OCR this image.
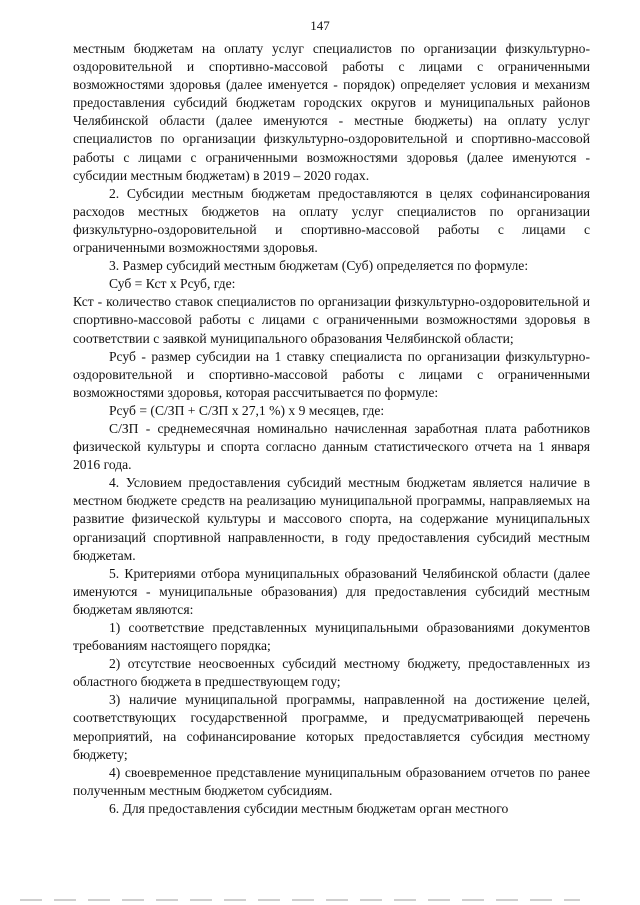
147

местным бюджетам на оплату услуг специалистов по организации физкультурно-оздоровительной и спортивно-массовой работы с лицами с ограниченными возможностями здоровья (далее именуется - порядок) определяет условия и механизм предоставления субсидий бюджетам городских округов и муниципальных районов Челябинской области (далее именуются - местные бюджеты) на оплату услуг специалистов по организации физкультурно-оздоровительной и спортивно-массовой работы с лицами с ограниченными возможностями здоровья (далее именуются - субсидии местным бюджетам) в 2019 – 2020 годах.

2. Субсидии местным бюджетам предоставляются в целях софинансирования расходов местных бюджетов на оплату услуг специалистов по организации физкультурно-оздоровительной и спортивно-массовой работы с лицами с ограниченными возможностями здоровья.

3. Размер субсидий местным бюджетам (Суб) определяется по формуле:

Суб = Кст х Рсуб, где:

Кст - количество ставок специалистов по организации физкультурно-оздоровительной и спортивно-массовой работы с лицами с ограниченными возможностями здоровья в соответствии с заявкой муниципального образования Челябинской области;

Рсуб - размер субсидии на 1 ставку специалиста по организации физкультурно-оздоровительной и спортивно-массовой работы с лицами с ограниченными возможностями здоровья, которая рассчитывается по формуле:

Рсуб = (С/ЗП + С/ЗП х 27,1 %) х 9 месяцев, где:

С/ЗП - среднемесячная номинально начисленная заработная плата работников физической культуры и спорта согласно данным статистического отчета на 1 января 2016 года.

4. Условием предоставления субсидий местным бюджетам является наличие в местном бюджете средств на реализацию муниципальной программы, направляемых на развитие физической культуры и массового спорта, на содержание муниципальных организаций спортивной направленности, в году предоставления субсидий местным бюджетам.

5. Критериями отбора муниципальных образований Челябинской области (далее именуются - муниципальные образования) для предоставления субсидий местным бюджетам являются:

1) соответствие представленных муниципальными образованиями документов требованиям настоящего порядка;

2) отсутствие неосвоенных субсидий местному бюджету, предоставленных из областного бюджета в предшествующем году;

3) наличие муниципальной программы, направленной на достижение целей, соответствующих государственной программе, и предусматривающей перечень мероприятий, на софинансирование которых предоставляется субсидия местному бюджету;

4) своевременное представление муниципальным образованием отчетов по ранее полученным местным бюджетом субсидиям.

6. Для предоставления субсидии местным бюджетам орган местного
